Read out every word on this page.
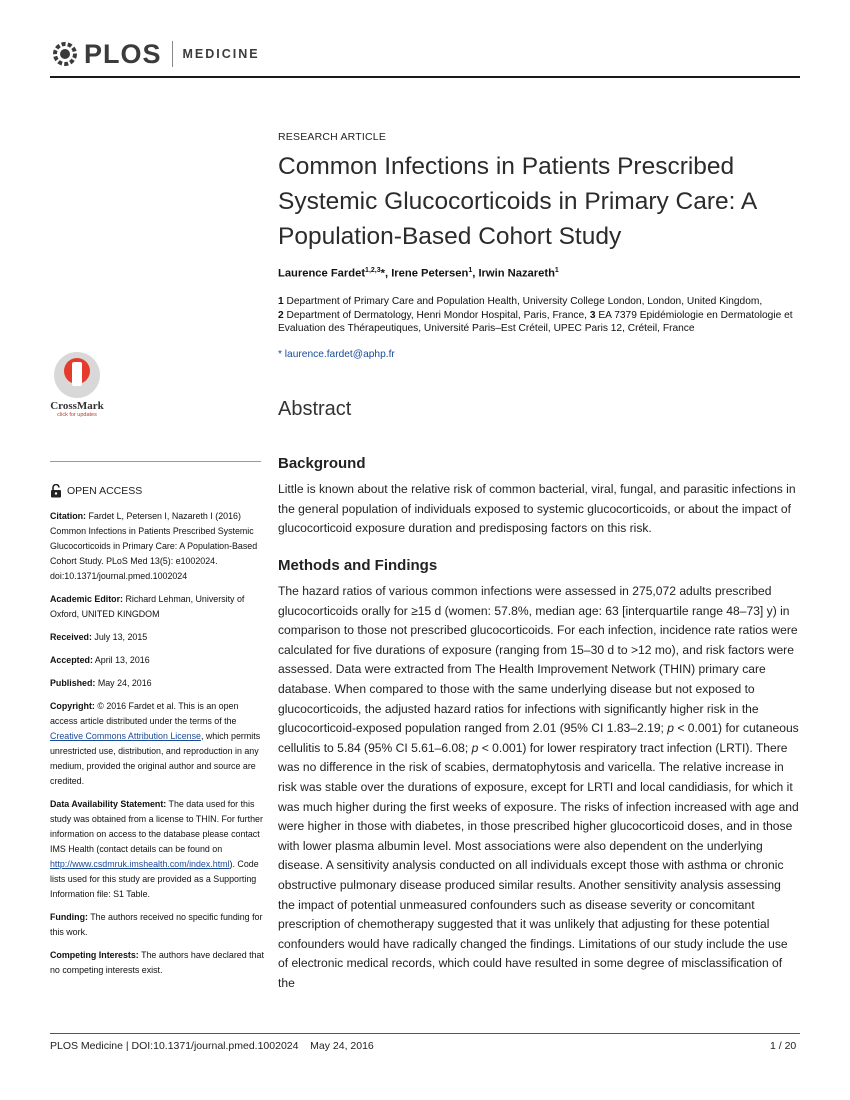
PLOS MEDICINE
RESEARCH ARTICLE
Common Infections in Patients Prescribed Systemic Glucocorticoids in Primary Care: A Population-Based Cohort Study
Laurence Fardet$^{1,2,3}$*, Irene Petersen$^1$, Irwin Nazareth$^1$
1 Department of Primary Care and Population Health, University College London, London, United Kingdom,
2 Department of Dermatology, Henri Mondor Hospital, Paris, France, 3 EA 7379 Epidémiologie en Dermatologie et Evaluation des Thérapeutiques, Université Paris–Est Créteil, UPEC Paris 12, Créteil, France
* laurence.fardet@aphp.fr
Abstract
Background

Little is known about the relative risk of common bacterial, viral, fungal, and parasitic infections in the general population of individuals exposed to systemic glucocorticoids, or about the impact of glucocorticoid exposure duration and predisposing factors on this risk.

Methods and Findings

The hazard ratios of various common infections were assessed in 275,072 adults prescribed glucocorticoids orally for ≥15 d (women: 57.8%, median age: 63 [interquartile range 48–73] y) in comparison to those not prescribed glucocorticoids. For each infection, incidence rate ratios were calculated for five durations of exposure (ranging from 15–30 d to >12 mo), and risk factors were assessed. Data were extracted from The Health Improvement Network (THIN) primary care database. When compared to those with the same underlying disease but not exposed to glucocorticoids, the adjusted hazard ratios for infections with significantly higher risk in the glucocorticoid-exposed population ranged from 2.01 (95% CI 1.83–2.19; p < 0.001) for cutaneous cellulitis to 5.84 (95% CI 5.61–6.08; p < 0.001) for lower respiratory tract infection (LRTI). There was no difference in the risk of scabies, dermatophytosis and varicella. The relative increase in risk was stable over the durations of exposure, except for LRTI and local candidiasis, for which it was much higher during the first weeks of exposure. The risks of infection increased with age and were higher in those with diabetes, in those prescribed higher glucocorticoid doses, and in those with lower plasma albumin level. Most associations were also dependent on the underlying disease. A sensitivity analysis conducted on all individuals except those with asthma or chronic obstructive pulmonary disease produced similar results. Another sensitivity analysis assessing the impact of potential unmeasured confounders such as disease severity or concomitant prescription of chemotherapy suggested that it was unlikely that adjusting for these potential confounders would have radically changed the findings. Limitations of our study include the use of electronic medical records, which could have resulted in some degree of misclassification of the

CrossMark
click for updates
OPEN ACCESS
Citation: Fardet L, Petersen I, Nazareth I (2016) Common Infections in Patients Prescribed Systemic Glucocorticoids in Primary Care: A Population-Based Cohort Study. PLoS Med 13(5): e1002024. doi:10.1371/journal.pmed.1002024
Academic Editor: Richard Lehman, University of Oxford, UNITED KINGDOM
Received: July 13, 2015
Accepted: April 13, 2016
Published: May 24, 2016
Copyright: © 2016 Fardet et al. This is an open access article distributed under the terms of the Creative Commons Attribution License, which permits unrestricted use, distribution, and reproduction in any medium, provided the original author and source are credited.
Data Availability Statement: The data used for this study was obtained from a license to THIN. For further information on access to the database please contact IMS Health (contact details can be found on http://www.csdmruk.imshealth.com/index.html). Code lists used for this study are provided as a Supporting Information file: S1 Table.
Funding: The authors received no specific funding for this work.
Competing Interests: The authors have declared that no competing interests exist.
PLOS Medicine | DOI:10.1371/journal.pmed.1002024    May 24, 2016	1 / 20
